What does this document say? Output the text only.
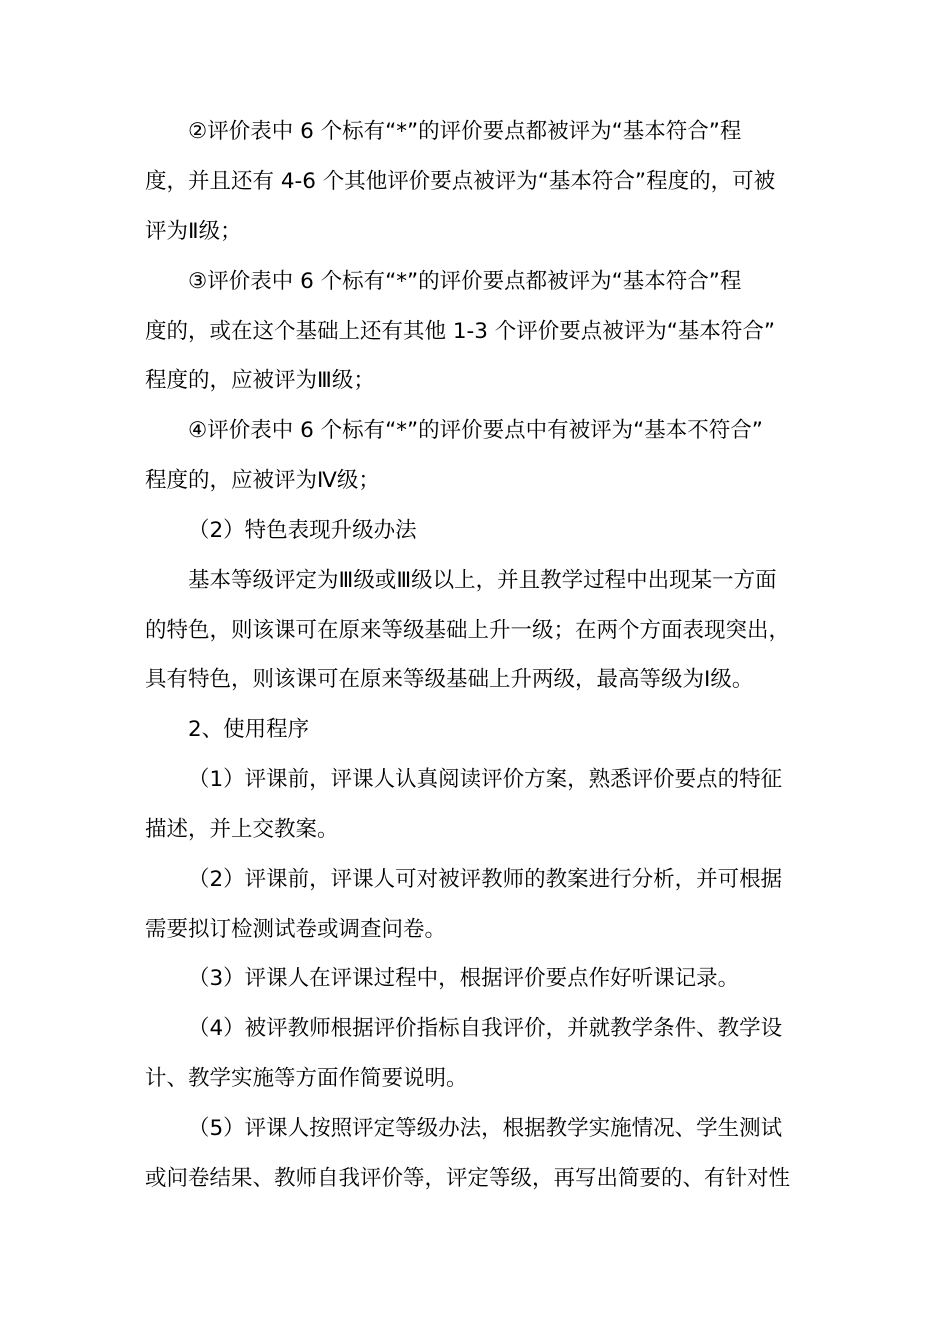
②评价表中 6 个标有“*”的评价要点都被评为“基本符合”程
度，并且还有 4-6 个其他评价要点被评为“基本符合”程度的，可被
评为Ⅱ级；
③评价表中 6 个标有“*”的评价要点都被评为“基本符合”程
度的，或在这个基础上还有其他 1-3 个评价要点被评为“基本符合”
程度的，应被评为Ⅲ级；
④评价表中 6 个标有“*”的评价要点中有被评为“基本不符合”
程度的，应被评为Ⅳ级；
（2）特色表现升级办法
基本等级评定为Ⅲ级或Ⅲ级以上，并且教学过程中出现某一方面
的特色，则该课可在原来等级基础上升一级；在两个方面表现突出，
具有特色，则该课可在原来等级基础上升两级，最高等级为Ⅰ级。
2、使用程序
（1）评课前，评课人认真阅读评价方案，熟悉评价要点的特征
描述，并上交教案。
（2）评课前，评课人可对被评教师的教案进行分析，并可根据
需要拟订检测试卷或调查问卷。
（3）评课人在评课过程中，根据评价要点作好听课记录。
（4）被评教师根据评价指标自我评价，并就教学条件、教学设
计、教学实施等方面作简要说明。
（5）评课人按照评定等级办法，根据教学实施情况、学生测试
或问卷结果、教师自我评价等，评定等级，再写出简要的、有针对性
